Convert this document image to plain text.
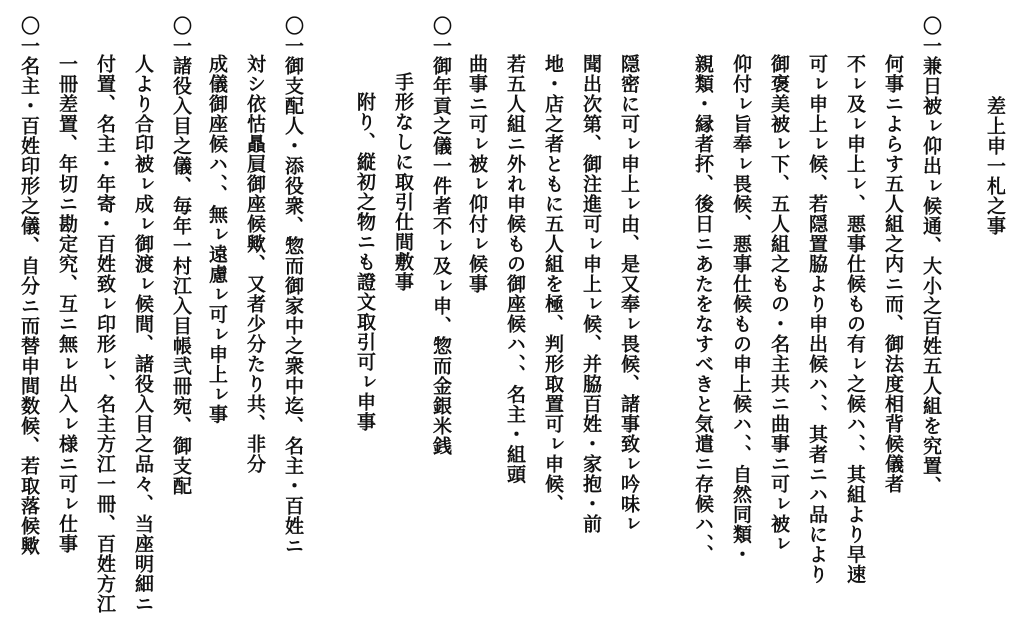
差上申一札之事
〇一兼日被ㇾ仰出ㇾ候通、大小之百姓五人組を究置、
何事ニよらす五人組之内ニ而、御法度相背候儀者
不ㇾ及ㇾ申上ㇾ、悪事仕候もの有ㇾ之候ハ、、其組より早速
可ㇾ申上ㇾ候、若隠置脇より申出候ハ、、其者ニハ品により
御褒美被ㇾ下、五人組之もの・名主共ニ曲事ニ可ㇾ被ㇾ
仰付ㇾ旨奉ㇾ畏候、悪事仕候もの申上候ハ、、自然同類・
親類・縁者抔、後日ニあたをなすべきと気遣ニ存候ハ、、
隠密に可ㇾ申上ㇾ由、是又奉ㇾ畏候、諸事致ㇾ吟味ㇾ
聞出次第、御注進可ㇾ申上ㇾ候、并脇百姓・家抱・前
地・店之者ともに五人組を極、判形取置可ㇾ申候、
若五人組ニ外れ申候もの御座候ハ、、名主・組頭
曲事ニ可ㇾ被ㇾ仰付ㇾ候事
〇一御年貢之儀一件者不ㇾ及ㇾ申、惣而金銀米銭
手形なしに取引仕間敷事
附り、縦初之物ニも證文取引可ㇾ申事
〇一御支配人・添役衆、惣而御家中之衆中迄、名主・百姓ニ
対シ依怙贔屓御座候歟、又者少分たり共、非分
成儀御座候ハ、、無ㇾ遠慮ㇾ可ㇾ申上ㇾ事
〇一諸役入目之儀、毎年一村江入目帳弐冊宛、御支配
人より合印被ㇾ成ㇾ御渡ㇾ候間、諸役入目之品々、当座明細ニ
付置、名主・年寄・百姓致ㇾ印形ㇾ、名主方江一冊、百姓方江
一冊差置、年切ニ勘定究、互ニ無ㇾ出入ㇾ様ニ可ㇾ仕事
〇一名主・百姓印形之儀、自分ニ而替申間数候、若取落候歟
